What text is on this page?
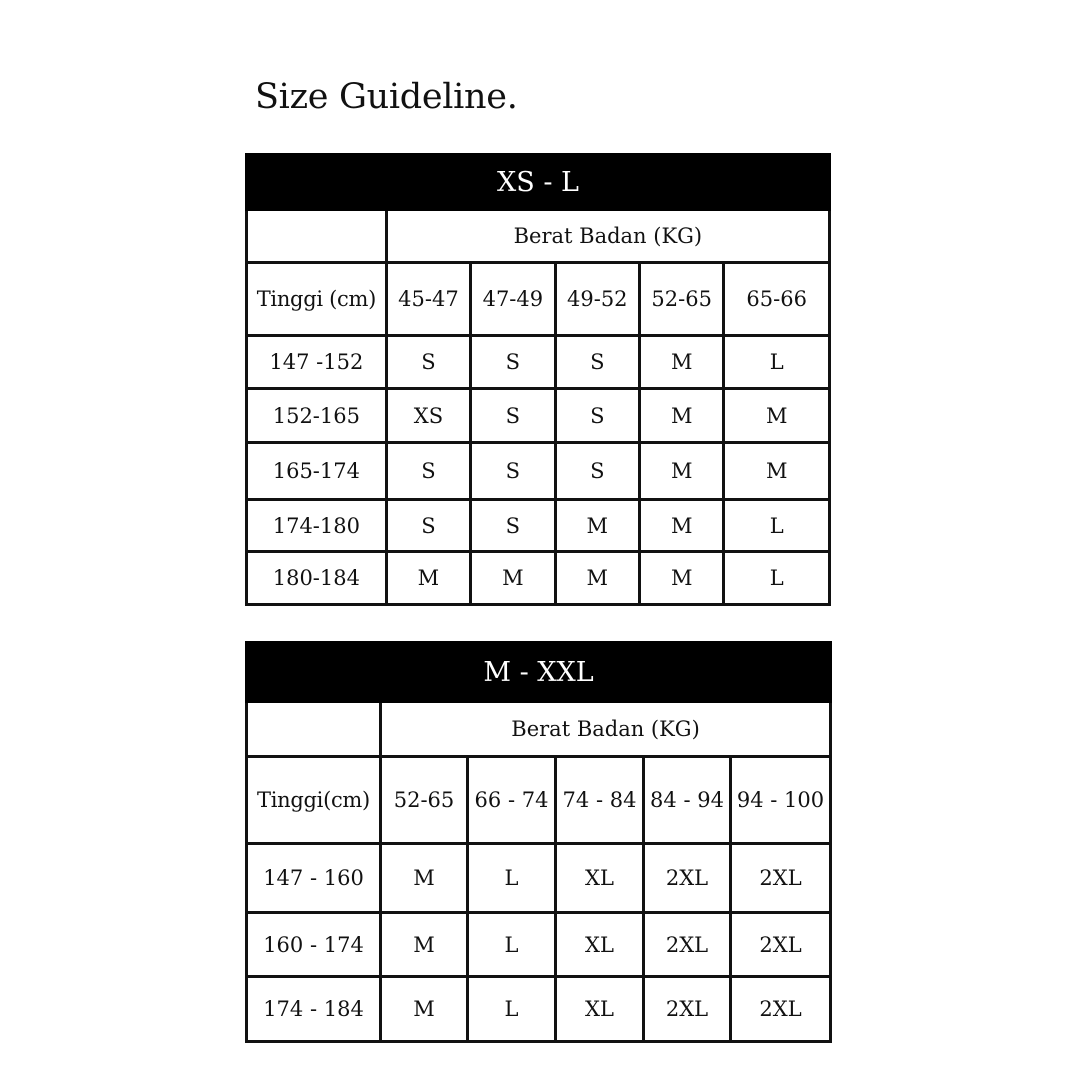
Size Guideline.
XS - L					
	Berat Badan (KG)				
Tinggi (cm)	45-47	47-49	49-52	52-65	65-66
147 -152	S	S	S	M	L
152-165	XS	S	S	M	M
165-174	S	S	S	M	M
174-180	S	S	M	M	L
180-184	M	M	M	M	L
M - XXL					
	Berat Badan (KG)				
Tinggi(cm)	52-65	66 - 74	74 - 84	84 - 94	94 - 100
147 - 160	M	L	XL	2XL	2XL
160 - 174	M	L	XL	2XL	2XL
174 - 184	M	L	XL	2XL	2XL
